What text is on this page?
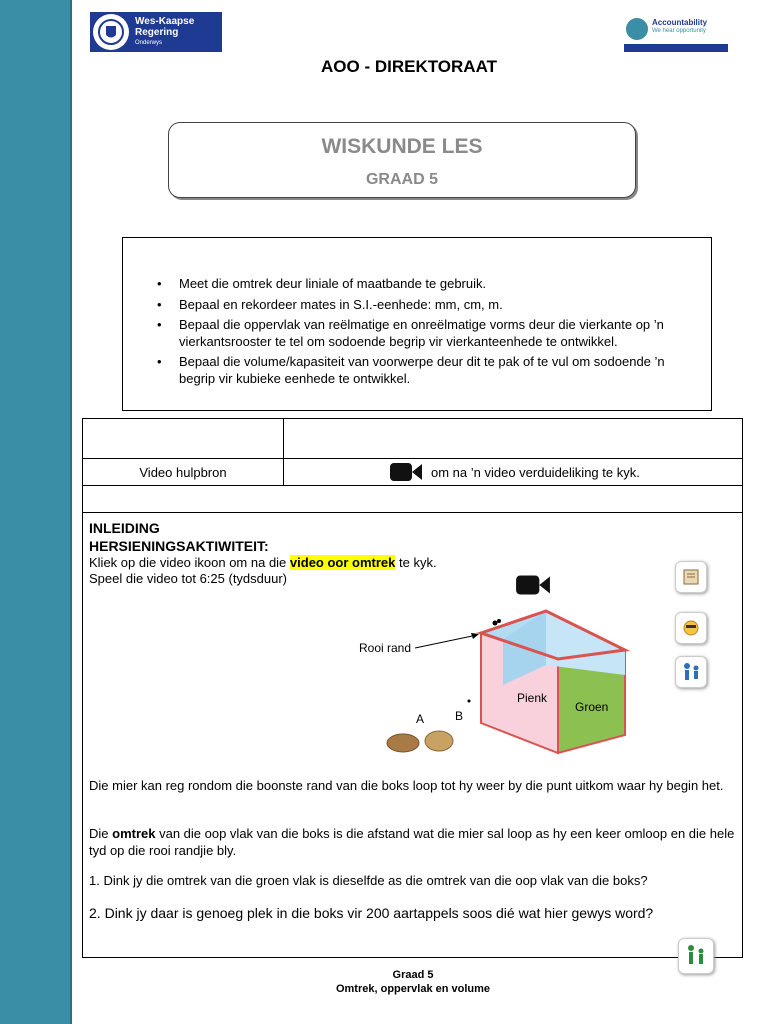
Wes-Kaapse
Regering
Onderwys
Accountability
We hear opportunity
AOO - DIREKTORAAT
WISKUNDE LES
GRAAD 5
• Meet die omtrek deur liniale of maatbande te gebruik.
• Bepaal en rekordeer mates in S.I.-eenhede: mm, cm, m.
• Bepaal die oppervlak van reëlmatige en onreëlmatige vorms deur die vierkante op ’n vierkantsrooster te tel om sodoende begrip vir vierkanteenhede te ontwikkel.
• Bepaal die volume/kapasiteit van voorwerpe deur dit te pak of te vul om sodoende ’n begrip vir kubieke eenhede te ontwikkel.
Video hulpbron	om na ’n video verduideliking te kyk.
INLEIDING
HERSIENINGSAKTIWITEIT:
Kliek op die video ikoon om na die video oor omtrek te kyk.
Speel die video tot 6:25 (tydsduur)
Rooi rand
Pienk
Groen
A	B
Die mier kan reg rondom die boonste rand van die boks loop tot hy weer by die punt uitkom waar hy begin het.
Die omtrek van die oop vlak van die boks is die afstand wat die mier sal loop as hy een keer omloop en die hele tyd op die rooi randjie bly.
1. Dink jy die omtrek van die groen vlak is dieselfde as die omtrek van die oop vlak van die boks?
2. Dink jy daar is genoeg plek in die boks vir 200 aartappels soos dié wat hier gewys word?
Graad 5
Omtrek, oppervlak en volume
